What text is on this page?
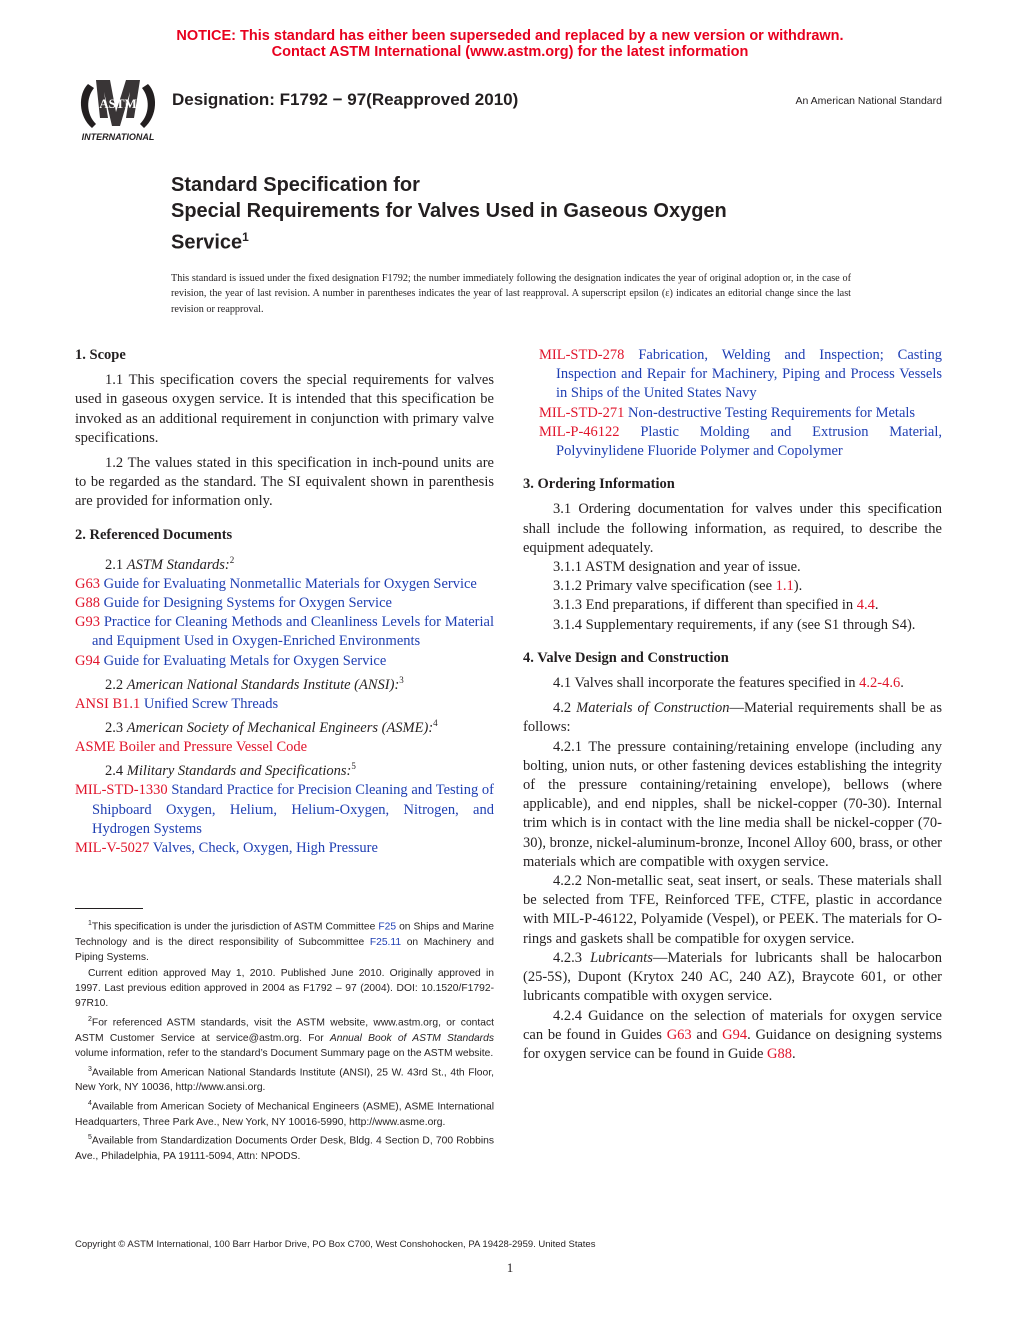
NOTICE: This standard has either been superseded and replaced by a new version or withdrawn.
Contact ASTM International (www.astm.org) for the latest information
ASTM
INTERNATIONAL
Designation: F1792 − 97(Reapproved 2010)	An American National Standard
Standard Specification for
Special Requirements for Valves Used in Gaseous Oxygen
Service$^1$
This standard is issued under the fixed designation F1792; the number immediately following the designation indicates the year of original adoption or, in the case of revision, the year of last revision. A number in parentheses indicates the year of last reapproval. A superscript epsilon (ε) indicates an editorial change since the last revision or reapproval.

1. Scope

1.1 This specification covers the special requirements for valves used in gaseous oxygen service. It is intended that this specification be invoked as an additional requirement in conjunction with primary valve specifications.

1.2 The values stated in this specification in inch-pound units are to be regarded as the standard. The SI equivalent shown in parenthesis are provided for information only.

2. Referenced Documents

2.1 ASTM Standards:$^2$

G63 Guide for Evaluating Nonmetallic Materials for Oxygen Service

G88 Guide for Designing Systems for Oxygen Service

G93 Practice for Cleaning Methods and Cleanliness Levels for Material and Equipment Used in Oxygen-Enriched Environments

G94 Guide for Evaluating Metals for Oxygen Service

2.2 American National Standards Institute (ANSI):$^3$

ANSI B1.1 Unified Screw Threads

2.3 American Society of Mechanical Engineers (ASME):$^4$

ASME Boiler and Pressure Vessel Code

2.4 Military Standards and Specifications:$^5$

MIL-STD-1330 Standard Practice for Precision Cleaning and Testing of Shipboard Oxygen, Helium, Helium-Oxygen, Nitrogen, and Hydrogen Systems

MIL-V-5027 Valves, Check, Oxygen, High Pressure

$^1$This specification is under the jurisdiction of ASTM Committee F25 on Ships and Marine Technology and is the direct responsibility of Subcommittee F25.11 on Machinery and Piping Systems.

Current edition approved May 1, 2010. Published June 2010. Originally approved in 1997. Last previous edition approved in 2004 as F1792 – 97 (2004). DOI: 10.1520/F1792-97R10.

$^2$For referenced ASTM standards, visit the ASTM website, www.astm.org, or contact ASTM Customer Service at service@astm.org. For Annual Book of ASTM Standards volume information, refer to the standard’s Document Summary page on the ASTM website.

$^3$Available from American National Standards Institute (ANSI), 25 W. 43rd St., 4th Floor, New York, NY 10036, http://www.ansi.org.

$^4$Available from American Society of Mechanical Engineers (ASME), ASME International Headquarters, Three Park Ave., New York, NY 10016-5990, http://www.asme.org.

$^5$Available from Standardization Documents Order Desk, Bldg. 4 Section D, 700 Robbins Ave., Philadelphia, PA 19111-5094, Attn: NPODS.

MIL-STD-278 Fabrication, Welding and Inspection; Casting Inspection and Repair for Machinery, Piping and Process Vessels in Ships of the United States Navy

MIL-STD-271 Non-destructive Testing Requirements for Metals

MIL-P-46122 Plastic Molding and Extrusion Material, Polyvinylidene Fluoride Polymer and Copolymer

3. Ordering Information

3.1 Ordering documentation for valves under this specification shall include the following information, as required, to describe the equipment adequately.

3.1.1 ASTM designation and year of issue.

3.1.2 Primary valve specification (see 1.1).

3.1.3 End preparations, if different than specified in 4.4.

3.1.4 Supplementary requirements, if any (see S1 through S4).

4. Valve Design and Construction

4.1 Valves shall incorporate the features specified in 4.2-4.6.

4.2 Materials of Construction—Material requirements shall be as follows:

4.2.1 The pressure containing/retaining envelope (including any bolting, union nuts, or other fastening devices establishing the integrity of the pressure containing/retaining envelope), bellows (where applicable), and end nipples, shall be nickel-copper (70-30). Internal trim which is in contact with the line media shall be nickel-copper (70-30), bronze, nickel-aluminum-bronze, Inconel Alloy 600, brass, or other materials which are compatible with oxygen service.

4.2.2 Non-metallic seat, seat insert, or seals. These materials shall be selected from TFE, Reinforced TFE, CTFE, plastic in accordance with MIL-P-46122, Polyamide (Vespel), or PEEK. The materials for O-rings and gaskets shall be compatible for oxygen service.

4.2.3 Lubricants—Materials for lubricants shall be halocarbon (25-5S), Dupont (Krytox 240 AC, 240 AZ), Braycote 601, or other lubricants compatible with oxygen service.

4.2.4 Guidance on the selection of materials for oxygen service can be found in Guides G63 and G94. Guidance on designing systems for oxygen service can be found in Guide G88.

Copyright © ASTM International, 100 Barr Harbor Drive, PO Box C700, West Conshohocken, PA 19428-2959. United States
1
